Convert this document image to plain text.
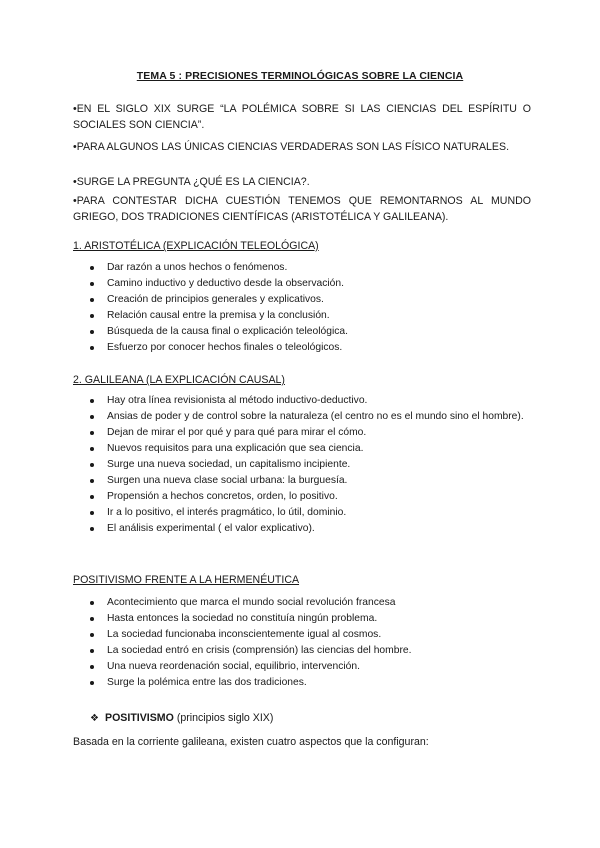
TEMA 5 : PRECISIONES TERMINOLÓGICAS SOBRE LA CIENCIA
•EN EL SIGLO XIX SURGE “LA POLÉMICA SOBRE SI LAS CIENCIAS DEL ESPÍRITU O SOCIALES SON CIENCIA”.
•PARA ALGUNOS LAS ÚNICAS CIENCIAS VERDADERAS SON LAS FÍSICO NATURALES.
•SURGE LA PREGUNTA ¿QUÉ ES LA CIENCIA?.
•PARA CONTESTAR DICHA CUESTIÓN TENEMOS QUE REMONTARNOS AL MUNDO GRIEGO, DOS TRADICIONES CIENTÍFICAS (ARISTOTÉLICA Y GALILEANA).
1. ARISTOTÉLICA (EXPLICACIÓN TELEOLÓGICA)
Dar razón a unos hechos o fenómenos.
Camino inductivo y deductivo desde la observación.
Creación de principios generales y explicativos.
Relación causal entre la premisa y la conclusión.
Búsqueda de la causa final o explicación teleológica.
Esfuerzo por conocer hechos finales o teleológicos.
2. GALILEANA (LA EXPLICACIÓN CAUSAL)
Hay otra línea revisionista al método inductivo-deductivo.
Ansias de poder y de control sobre la naturaleza (el centro no es el mundo sino el hombre).
Dejan de mirar el por qué y para qué para mirar el cómo.
Nuevos requisitos para una explicación que sea ciencia.
Surge una nueva sociedad, un capitalismo incipiente.
Surgen una nueva clase social urbana: la burguesía.
Propensión a hechos concretos, orden, lo positivo.
Ir a lo positivo, el interés pragmático, lo útil, dominio.
El análisis experimental ( el valor explicativo).
POSITIVISMO FRENTE A LA HERMENÉUTICA
Acontecimiento que marca el mundo social revolución francesa
Hasta entonces la sociedad no constituía ningún problema.
La sociedad funcionaba inconscientemente igual al cosmos.
La sociedad entró en crisis (comprensión) las ciencias del hombre.
Una nueva reordenación social, equilibrio, intervención.
Surge la polémica entre las dos tradiciones.
❖ POSITIVISMO (principios siglo XIX)
Basada en la corriente galileana, existen cuatro aspectos que la configuran:
